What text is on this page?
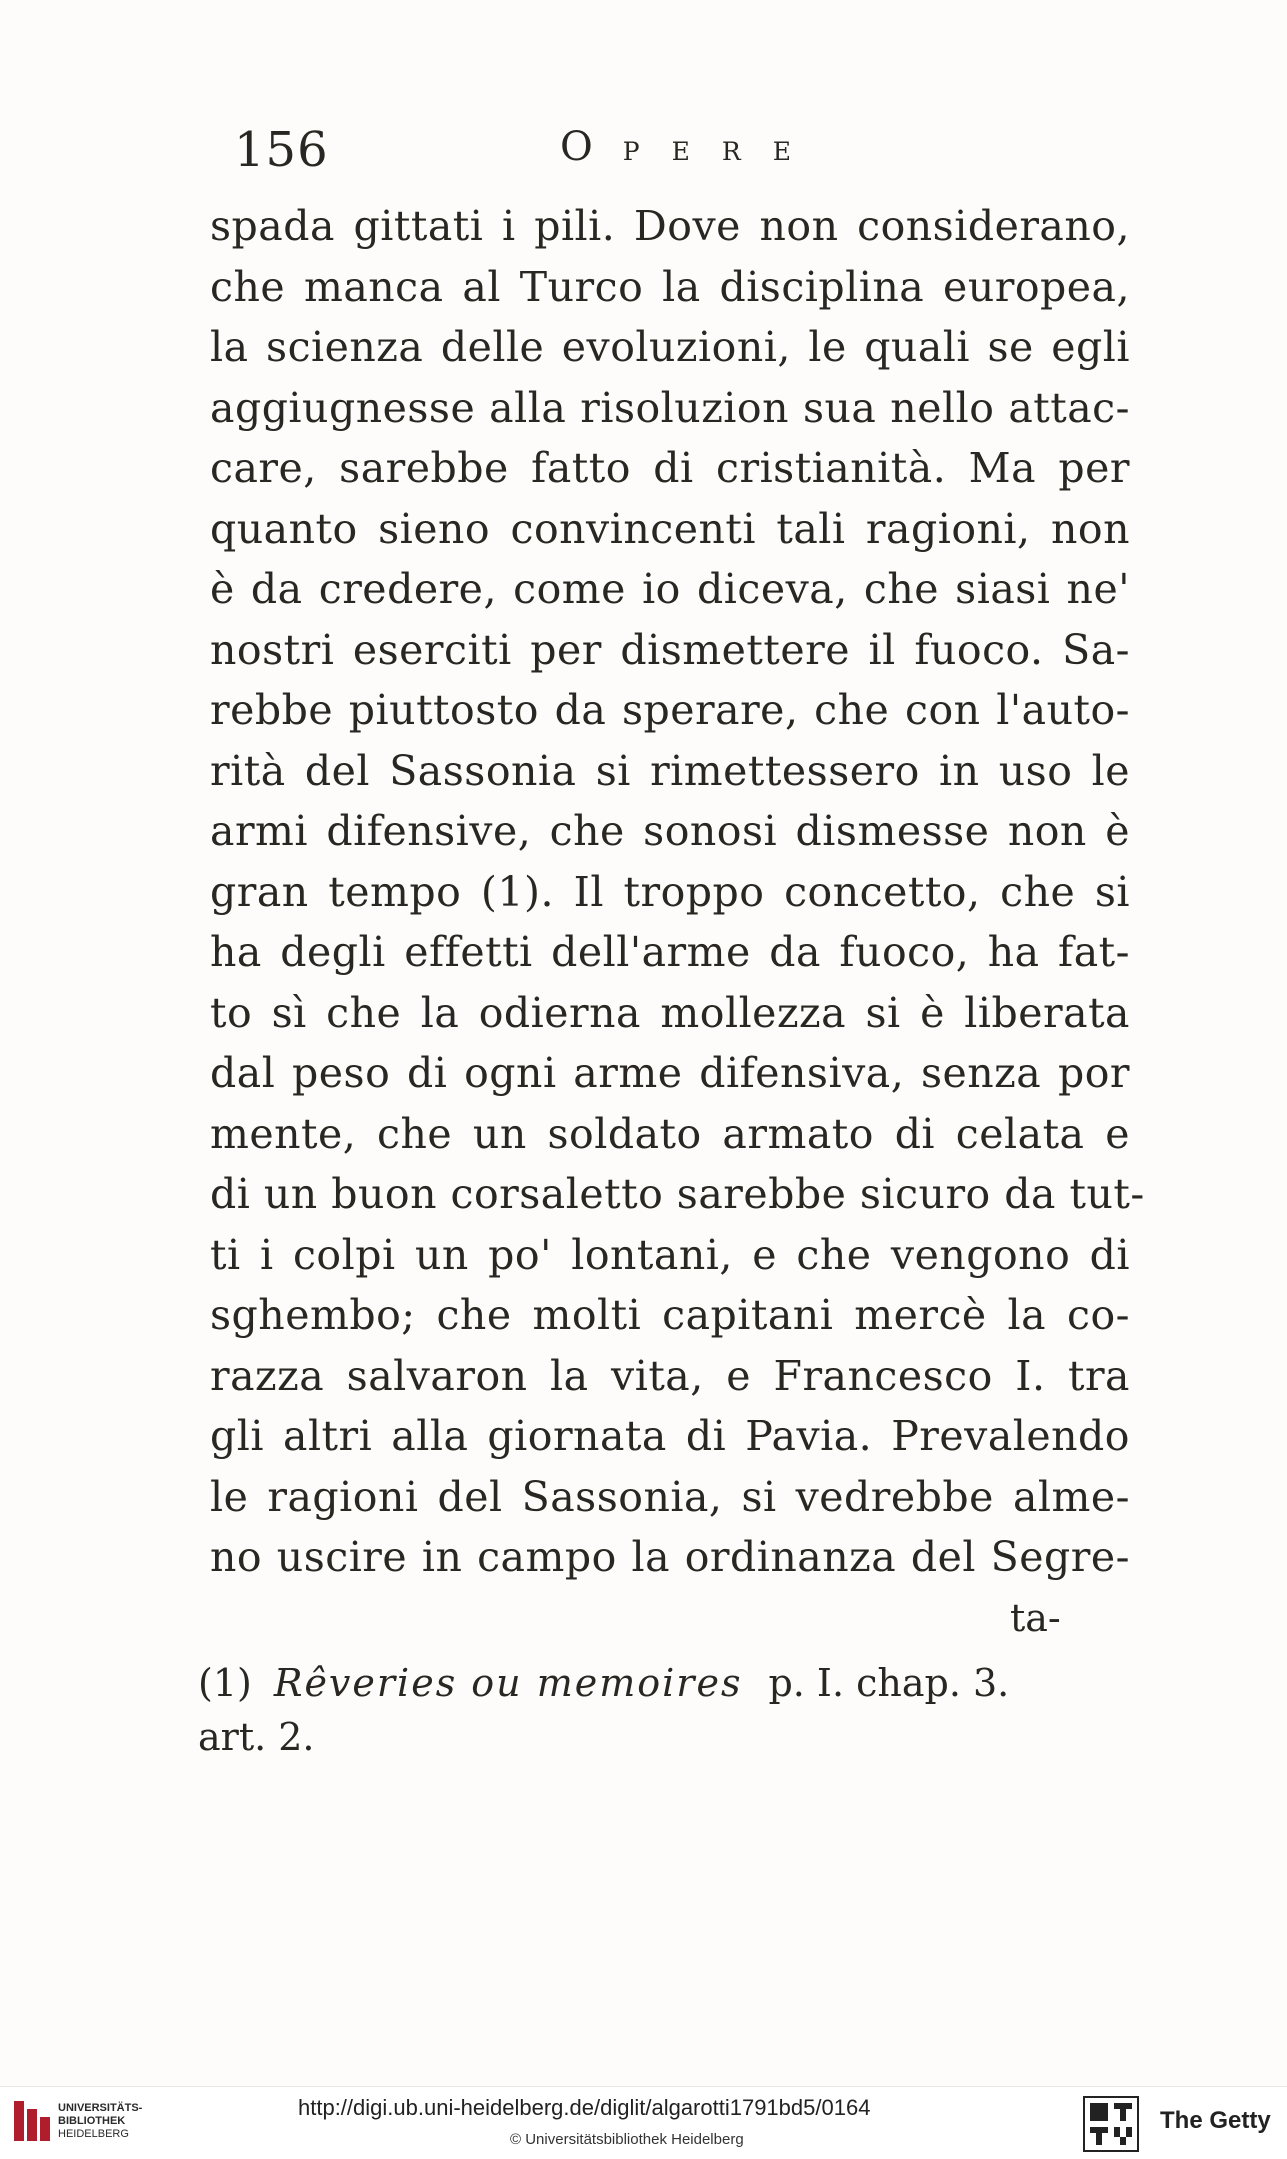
156	OPERE
spada gittati i pili. Dove non considerano,
che manca al Turco la disciplina europea,
la scienza delle evoluzioni, le quali se egli
aggiugnesse alla risoluzion sua nello attac-
care, sarebbe fatto di cristianità. Ma per
quanto sieno convincenti tali ragioni, non
è da credere, come io diceva, che siasi ne'
nostri eserciti per dismettere il fuoco. Sa-
rebbe piuttosto da sperare, che con l'auto-
rità del Sassonia si rimettessero in uso le
armi difensive, che sonosi dismesse non è
gran tempo (1). Il troppo concetto, che si
ha degli effetti dell'arme da fuoco, ha fat-
to sì che la odierna mollezza si è liberata
dal peso di ogni arme difensiva, senza por
mente, che un soldato armato di celata e
di un buon corsaletto sarebbe sicuro da tut-
ti i colpi un po' lontani, e che vengono di
sghembo; che molti capitani mercè la co-
razza salvaron la vita, e Francesco I. tra
gli altri alla giornata di Pavia. Prevalendo
le ragioni del Sassonia, si vedrebbe alme-
no uscire in campo la ordinanza del Segre-
ta-
(1) Rêveries ou memoires p. I. chap. 3.
art. 2.
UNIVERSITÄTS-
BIBLIOTHEK
HEIDELBERG
http://digi.ub.uni-heidelberg.de/diglit/algarotti1791bd5/0164
© Universitätsbibliothek Heidelberg
The Getty
